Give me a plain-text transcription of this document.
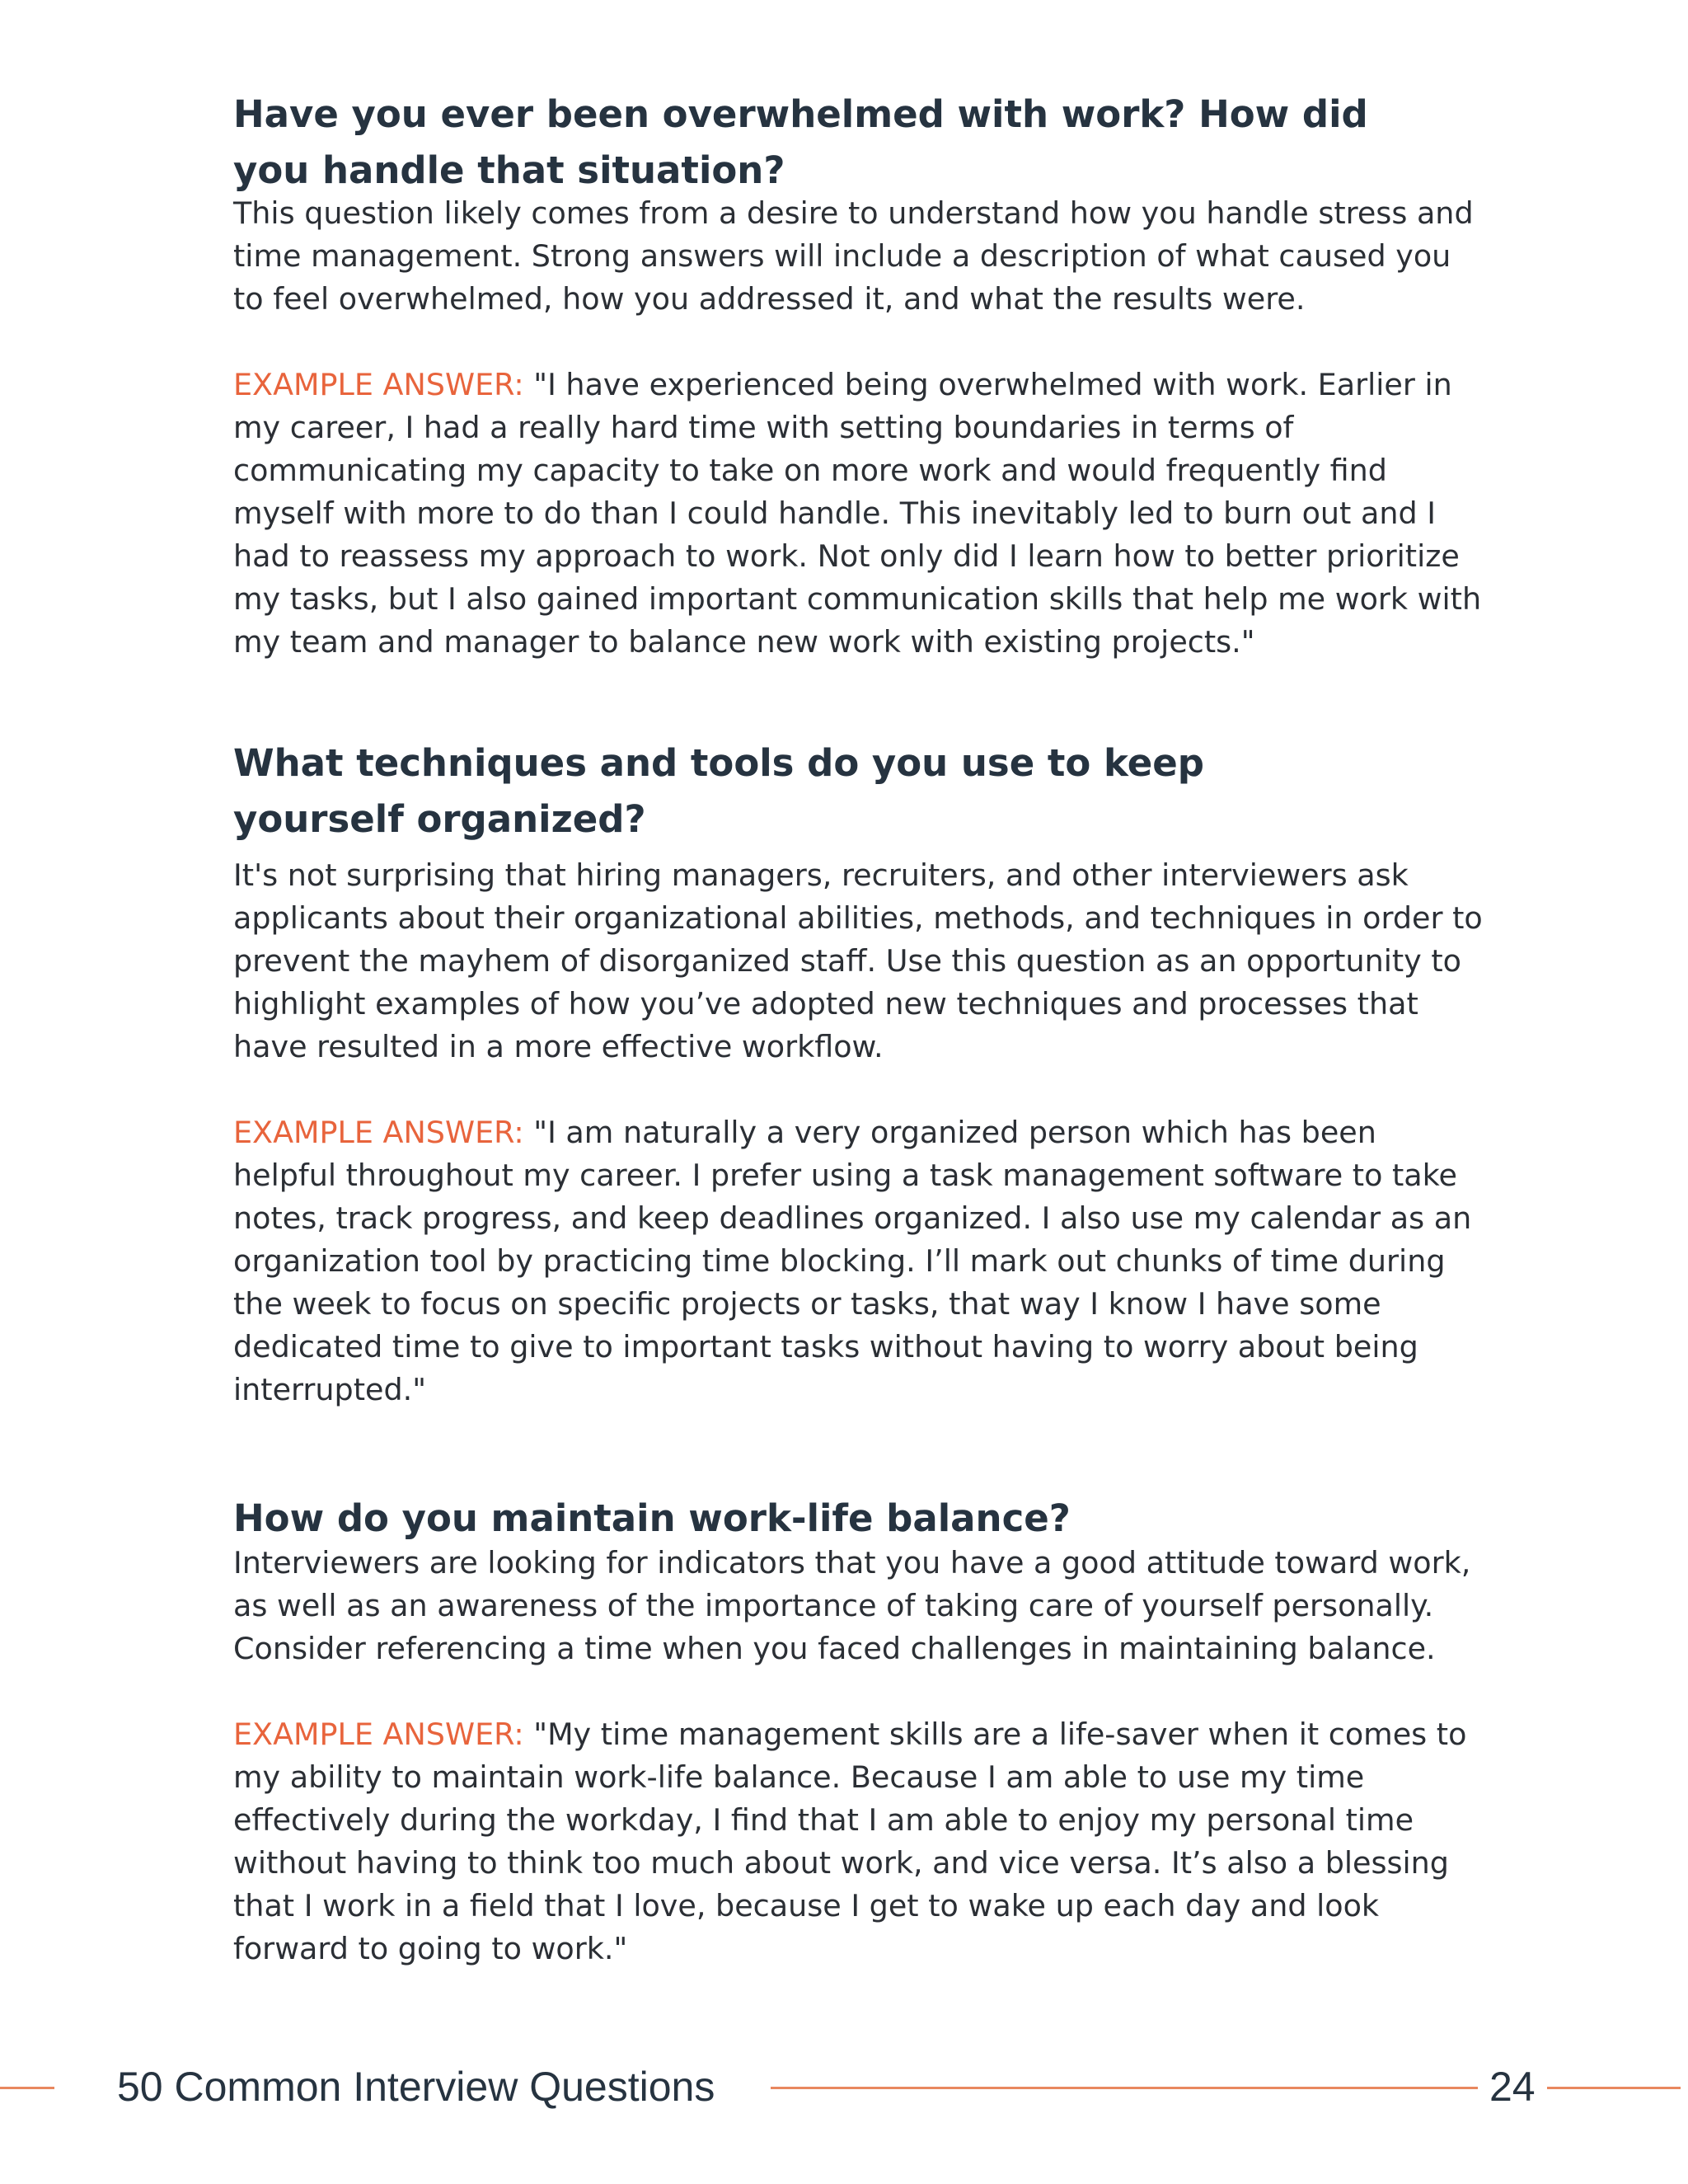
Have you ever been overwhelmed with work? How did you handle that situation?

This question likely comes from a desire to understand how you handle stress and time management. Strong answers will include a description of what caused you to feel overwhelmed, how you addressed it, and what the results were.

EXAMPLE ANSWER: "I have experienced being overwhelmed with work. Earlier in my career, I had a really hard time with setting boundaries in terms of communicating my capacity to take on more work and would frequently find myself with more to do than I could handle. This inevitably led to burn out and I had to reassess my approach to work. Not only did I learn how to better prioritize my tasks, but I also gained important communication skills that help me work with my team and manager to balance new work with existing projects."

What techniques and tools do you use to keep yourself organized?

It's not surprising that hiring managers, recruiters, and other interviewers ask applicants about their organizational abilities, methods, and techniques in order to prevent the mayhem of disorganized staff. Use this question as an opportunity to highlight examples of how you’ve adopted new techniques and processes that have resulted in a more effective workflow.

EXAMPLE ANSWER: "I am naturally a very organized person which has been helpful throughout my career. I prefer using a task management software to take notes, track progress, and keep deadlines organized. I also use my calendar as an organization tool by practicing time blocking. I’ll mark out chunks of time during the week to focus on specific projects or tasks, that way I know I have some dedicated time to give to important tasks without having to worry about being interrupted."

How do you maintain work-life balance?

Interviewers are looking for indicators that you have a good attitude toward work, as well as an awareness of the importance of taking care of yourself personally. Consider referencing a time when you faced challenges in maintaining balance.

EXAMPLE ANSWER: "My time management skills are a life-saver when it comes to my ability to maintain work-life balance. Because I am able to use my time effectively during the workday, I find that I am able to enjoy my personal time without having to think too much about work, and vice versa. It’s also a blessing that I work in a field that I love, because I get to wake up each day and look forward to going to work."

50 Common Interview Questions	24
